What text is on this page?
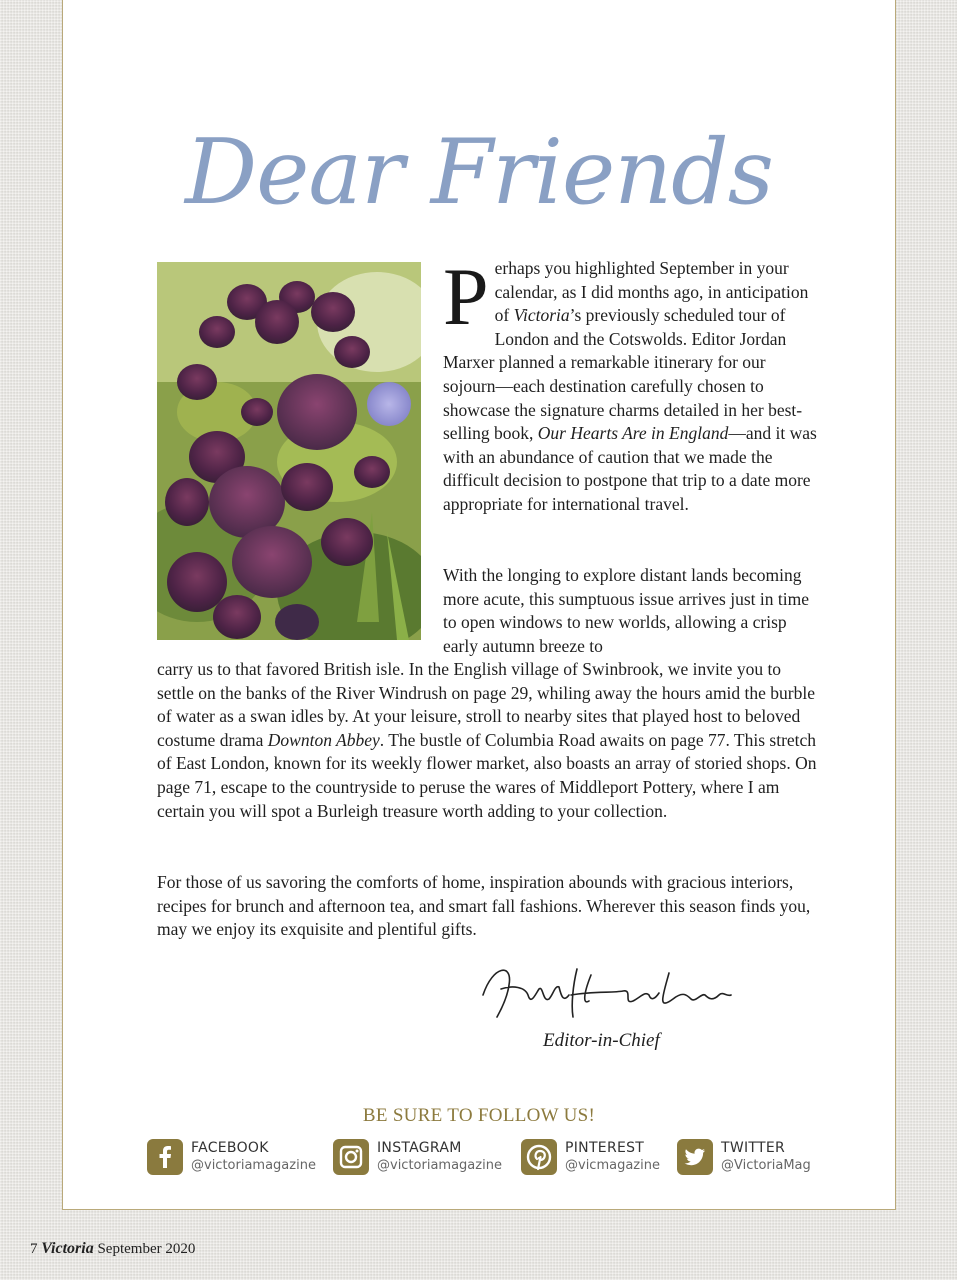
Dear Friends
Perhaps you highlighted September in your calendar, as I did months ago, in anticipation of Victoria’s previously scheduled tour of London and the Cotswolds. Editor Jordan Marxer planned a remarkable itinerary for our sojourn—each destination carefully chosen to showcase the signature charms detailed in her best-selling book, Our Hearts Are in England—and it was with an abundance of caution that we made the difficult decision to postpone that trip to a date more appropriate for international travel.
With the longing to explore distant lands becoming more acute, this sumptuous issue arrives just in time to open windows to new worlds, allowing a crisp early autumn breeze to
carry us to that favored British isle. In the English village of Swinbrook, we invite you to settle on the banks of the River Windrush on page 29, whiling away the hours amid the burble of water as a swan idles by. At your leisure, stroll to nearby sites that played host to beloved costume drama Downton Abbey. The bustle of Columbia Road awaits on page 77. This stretch of East London, known for its weekly flower market, also boasts an array of storied shops. On page 71, escape to the countryside to peruse the wares of Middleport Pottery, where I am certain you will spot a Burleigh treasure worth adding to your collection.
For those of us savoring the comforts of home, inspiration abounds with gracious interiors, recipes for brunch and afternoon tea, and smart fall fashions. Wherever this season finds you, may we enjoy its exquisite and plentiful gifts.
Editor-in-Chief
BE SURE TO FOLLOW US!
FACEBOOK
@victoriamagazine
INSTAGRAM
@victoriamagazine
PINTEREST
@vicmagazine
TWITTER
@VictoriaMag
7 Victoria September 2020
